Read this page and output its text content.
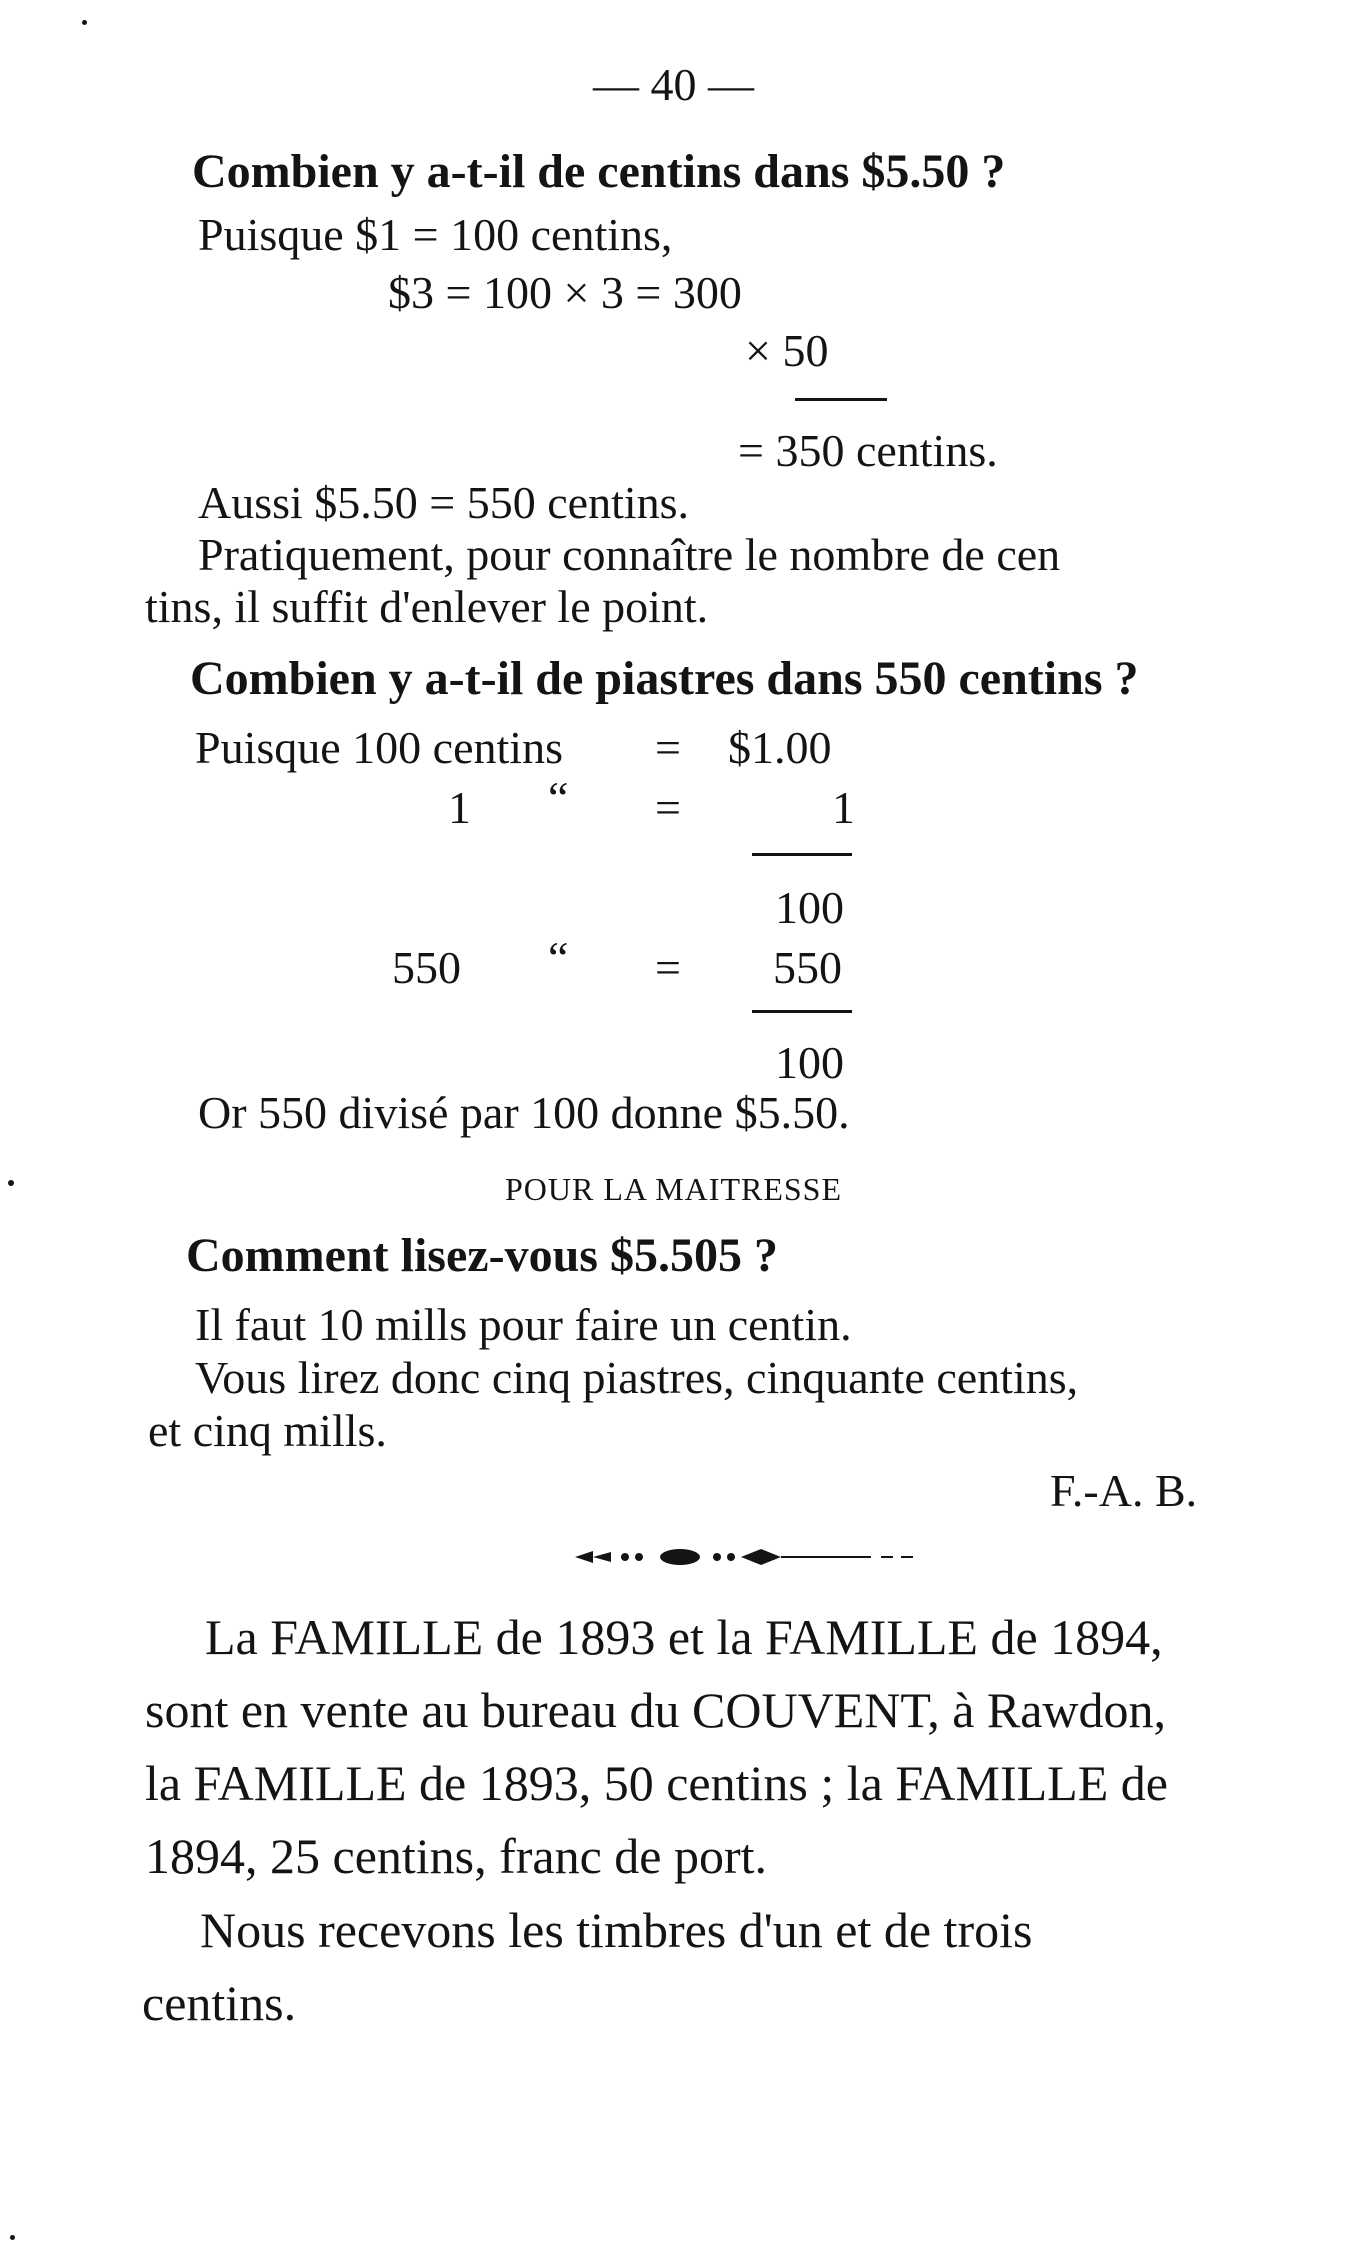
— 40 —
Combien y a-t-il de centins dans $5.50 ?
Puisque $1 = 100 centins,
$3 = 100 × 3 = 300
× 50
= 350 centins.
Aussi $5.50 = 550 centins.
Pratiquement, pour connaître le nombre de cen
tins, il suffit d'enlever le point.
Combien y a-t-il de piastres dans 550 centins ?
Puisque 100 centins = $1.00
1 “ =	1
100
550 “ = 550
100
Or 550 divisé par 100 donne $5.50.
POUR LA MAITRESSE
Comment lisez-vous $5.505 ?
Il faut 10 mills pour faire un centin.
Vous lirez donc cinq piastres, cinquante centins,
et cinq mills.
F.-A. B.
La FAMILLE de 1893 et la FAMILLE de 1894,
sont en vente au bureau du COUVENT, à Rawdon,
la FAMILLE de 1893, 50 centins ; la FAMILLE de
1894, 25 centins, franc de port.
Nous recevons les timbres d'un et de trois
centins.
